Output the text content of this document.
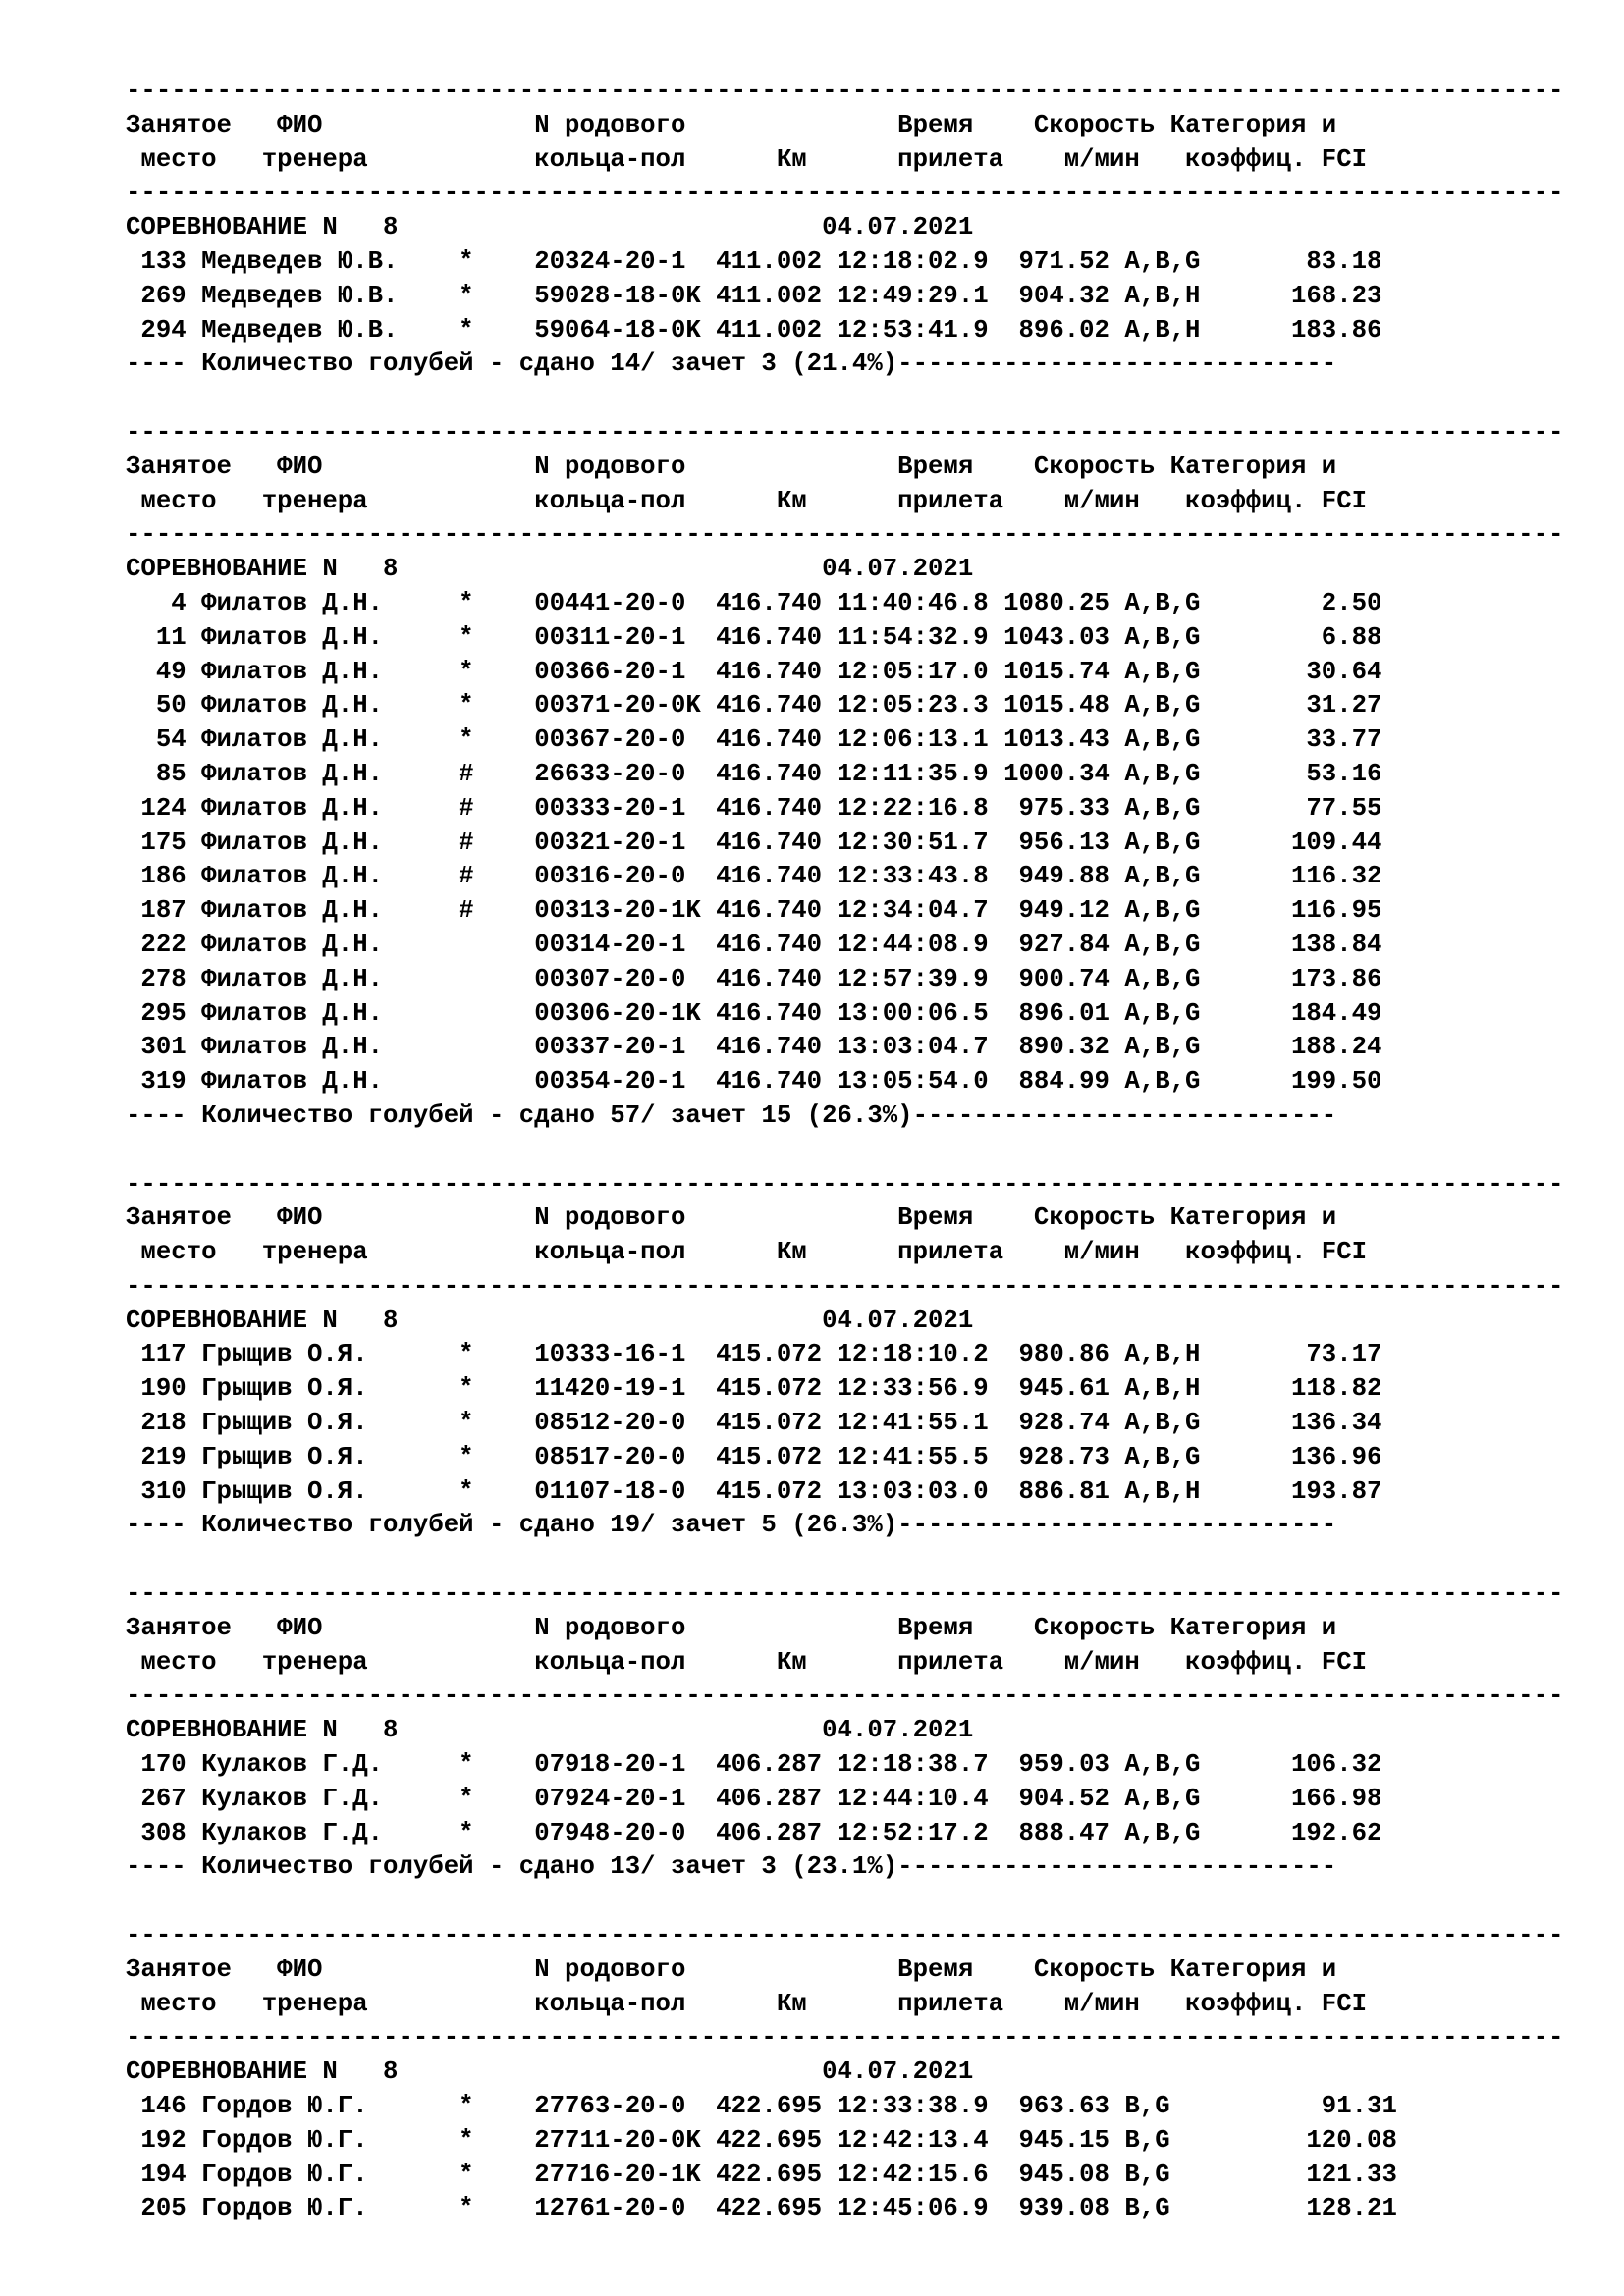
-----------------------------------------------------------------------------------------------
Занятое   ФИО              N родового              Время    Скорость Категория и
место   тренера           кольца-пол      Км      прилета    м/мин   коэффиц. FCI
-----------------------------------------------------------------------------------------------
СОРЕВНОВАНИЕ N   8                            04.07.2021
133 Медведев Ю.В.    *    20324-20-1  411.002 12:18:02.9  971.52 A,B,G       83.18
269 Медведев Ю.В.    *    59028-18-0K 411.002 12:49:29.1  904.32 A,B,H      168.23
294 Медведев Ю.В.    *    59064-18-0K 411.002 12:53:41.9  896.02 A,B,H      183.86
---- Количество голубей - сдано 14/ зачет 3 (21.4%)-----------------------------
-----------------------------------------------------------------------------------------------
Занятое   ФИО              N родового              Время    Скорость Категория и
место   тренера           кольца-пол      Км      прилета    м/мин   коэффиц. FCI
-----------------------------------------------------------------------------------------------
СОРЕВНОВАНИЕ N   8                            04.07.2021
4 Филатов Д.Н.     *    00441-20-0  416.740 11:40:46.8 1080.25 A,B,G        2.50
11 Филатов Д.Н.     *    00311-20-1  416.740 11:54:32.9 1043.03 A,B,G        6.88
49 Филатов Д.Н.     *    00366-20-1  416.740 12:05:17.0 1015.74 A,B,G       30.64
50 Филатов Д.Н.     *    00371-20-0K 416.740 12:05:23.3 1015.48 A,B,G       31.27
54 Филатов Д.Н.     *    00367-20-0  416.740 12:06:13.1 1013.43 A,B,G       33.77
85 Филатов Д.Н.     #    26633-20-0  416.740 12:11:35.9 1000.34 A,B,G       53.16
124 Филатов Д.Н.     #    00333-20-1  416.740 12:22:16.8  975.33 A,B,G       77.55
175 Филатов Д.Н.     #    00321-20-1  416.740 12:30:51.7  956.13 A,B,G      109.44
186 Филатов Д.Н.     #    00316-20-0  416.740 12:33:43.8  949.88 A,B,G      116.32
187 Филатов Д.Н.     #    00313-20-1K 416.740 12:34:04.7  949.12 A,B,G      116.95
222 Филатов Д.Н.          00314-20-1  416.740 12:44:08.9  927.84 A,B,G      138.84
278 Филатов Д.Н.          00307-20-0  416.740 12:57:39.9  900.74 A,B,G      173.86
295 Филатов Д.Н.          00306-20-1K 416.740 13:00:06.5  896.01 A,B,G      184.49
301 Филатов Д.Н.          00337-20-1  416.740 13:03:04.7  890.32 A,B,G      188.24
319 Филатов Д.Н.          00354-20-1  416.740 13:05:54.0  884.99 A,B,G      199.50
---- Количество голубей - сдано 57/ зачет 15 (26.3%)----------------------------
-----------------------------------------------------------------------------------------------
Занятое   ФИО              N родового              Время    Скорость Категория и
место   тренера           кольца-пол      Км      прилета    м/мин   коэффиц. FCI
-----------------------------------------------------------------------------------------------
СОРЕВНОВАНИЕ N   8                            04.07.2021
117 Грыщив О.Я.      *    10333-16-1  415.072 12:18:10.2  980.86 A,B,H       73.17
190 Грыщив О.Я.      *    11420-19-1  415.072 12:33:56.9  945.61 A,B,H      118.82
218 Грыщив О.Я.      *    08512-20-0  415.072 12:41:55.1  928.74 A,B,G      136.34
219 Грыщив О.Я.      *    08517-20-0  415.072 12:41:55.5  928.73 A,B,G      136.96
310 Грыщив О.Я.      *    01107-18-0  415.072 13:03:03.0  886.81 A,B,H      193.87
---- Количество голубей - сдано 19/ зачет 5 (26.3%)-----------------------------
-----------------------------------------------------------------------------------------------
Занятое   ФИО              N родового              Время    Скорость Категория и
место   тренера           кольца-пол      Км      прилета    м/мин   коэффиц. FCI
-----------------------------------------------------------------------------------------------
СОРЕВНОВАНИЕ N   8                            04.07.2021
170 Кулаков Г.Д.     *    07918-20-1  406.287 12:18:38.7  959.03 A,B,G      106.32
267 Кулаков Г.Д.     *    07924-20-1  406.287 12:44:10.4  904.52 A,B,G      166.98
308 Кулаков Г.Д.     *    07948-20-0  406.287 12:52:17.2  888.47 A,B,G      192.62
---- Количество голубей - сдано 13/ зачет 3 (23.1%)-----------------------------
-----------------------------------------------------------------------------------------------
Занятое   ФИО              N родового              Время    Скорость Категория и
место   тренера           кольца-пол      Км      прилета    м/мин   коэффиц. FCI
-----------------------------------------------------------------------------------------------
СОРЕВНОВАНИЕ N   8                            04.07.2021
146 Гордов Ю.Г.      *    27763-20-0  422.695 12:33:38.9  963.63 B,G          91.31
192 Гордов Ю.Г.      *    27711-20-0K 422.695 12:42:13.4  945.15 B,G         120.08
194 Гордов Ю.Г.      *    27716-20-1K 422.695 12:42:15.6  945.08 B,G         121.33
205 Гордов Ю.Г.      *    12761-20-0  422.695 12:45:06.9  939.08 B,G         128.21
